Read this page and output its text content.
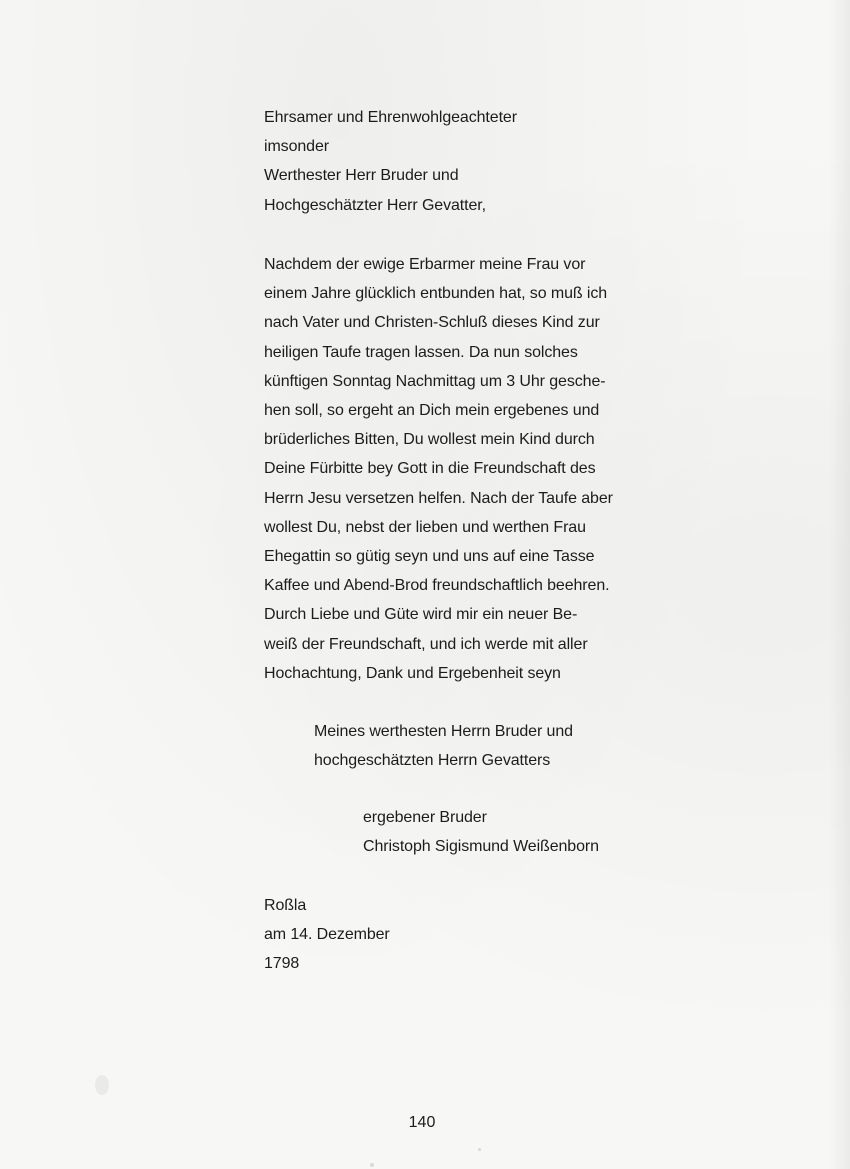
Ehrsamer und Ehrenwohlgeachteter
imsonder
Werthester Herr Bruder und
Hochgeschätzter Herr Gevatter,
Nachdem der ewige Erbarmer meine Frau vor
einem Jahre glücklich entbunden hat, so muß ich
nach Vater und Christen-Schluß dieses Kind zur
heiligen Taufe tragen lassen. Da nun solches
künftigen Sonntag Nachmittag um 3 Uhr gesche-
hen soll, so ergeht an Dich mein ergebenes und
brüderliches Bitten, Du wollest mein Kind durch
Deine Fürbitte bey Gott in die Freundschaft des
Herrn Jesu versetzen helfen. Nach der Taufe aber
wollest Du, nebst der lieben und werthen Frau
Ehegattin so gütig seyn und uns auf eine Tasse
Kaffee und Abend-Brod freundschaftlich beehren.
Durch Liebe und Güte wird mir ein neuer Be-
weiß der Freundschaft, und ich werde mit aller
Hochachtung, Dank und Ergebenheit seyn
Meines werthesten Herrn Bruder und
hochgeschätzten Herrn Gevatters
ergebener Bruder
Christoph Sigismund Weißenborn
Roßla
am 14. Dezember
1798
140
